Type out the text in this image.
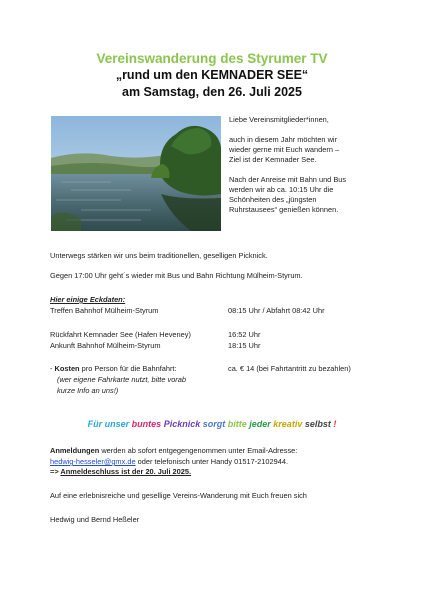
Vereinswanderung des Styrumer TV
„rund um den KEMNADER SEE“
am Samstag, den 26. Juli 2025
Liebe Vereinsmitglieder*innen,
auch in diesem Jahr möchten wir
wieder gerne mit Euch wandern –
Ziel ist der Kemnader See.
Nach der Anreise mit Bahn und Bus
werden wir ab ca. 10:15 Uhr die
Schönheiten des „jüngsten
Ruhrstausees“ genießen können.
Unterwegs stärken wir uns beim traditionellen, geselligen Picknick.
Gegen 17:00 Uhr geht´s wieder mit Bus und Bahn Richtung Mülheim-Styrum.
Hier einige Eckdaten:
Treffen Bahnhof Mülheim-Styrum	08:15 Uhr / Abfahrt 08:42 Uhr
Rückfahrt Kemnader See (Hafen Heveney)	16:52 Uhr
Ankunft Bahnhof Mülheim-Styrum	18:15 Uhr
- Kosten pro Person für die Bahnfahrt:	ca. € 14 (bei Fahrtantritt zu bezahlen)
(wer eigene Fahrkarte nutzt, bitte vorab
kurze Info an uns!)
Für unser buntes Picknick sorgt bitte jeder kreativ selbst !
Anmeldungen werden ab sofort entgegengenommen unter Email-Adresse:
hedwig-hesseler@gmx.de oder telefonisch unter Handy 01517-2102944.
=> Anmeldeschluss ist der 20. Juli 2025.
Auf eine erlebnisreiche und gesellige Vereins-Wanderung mit Euch freuen sich
Hedwig und Bernd Heßeler
